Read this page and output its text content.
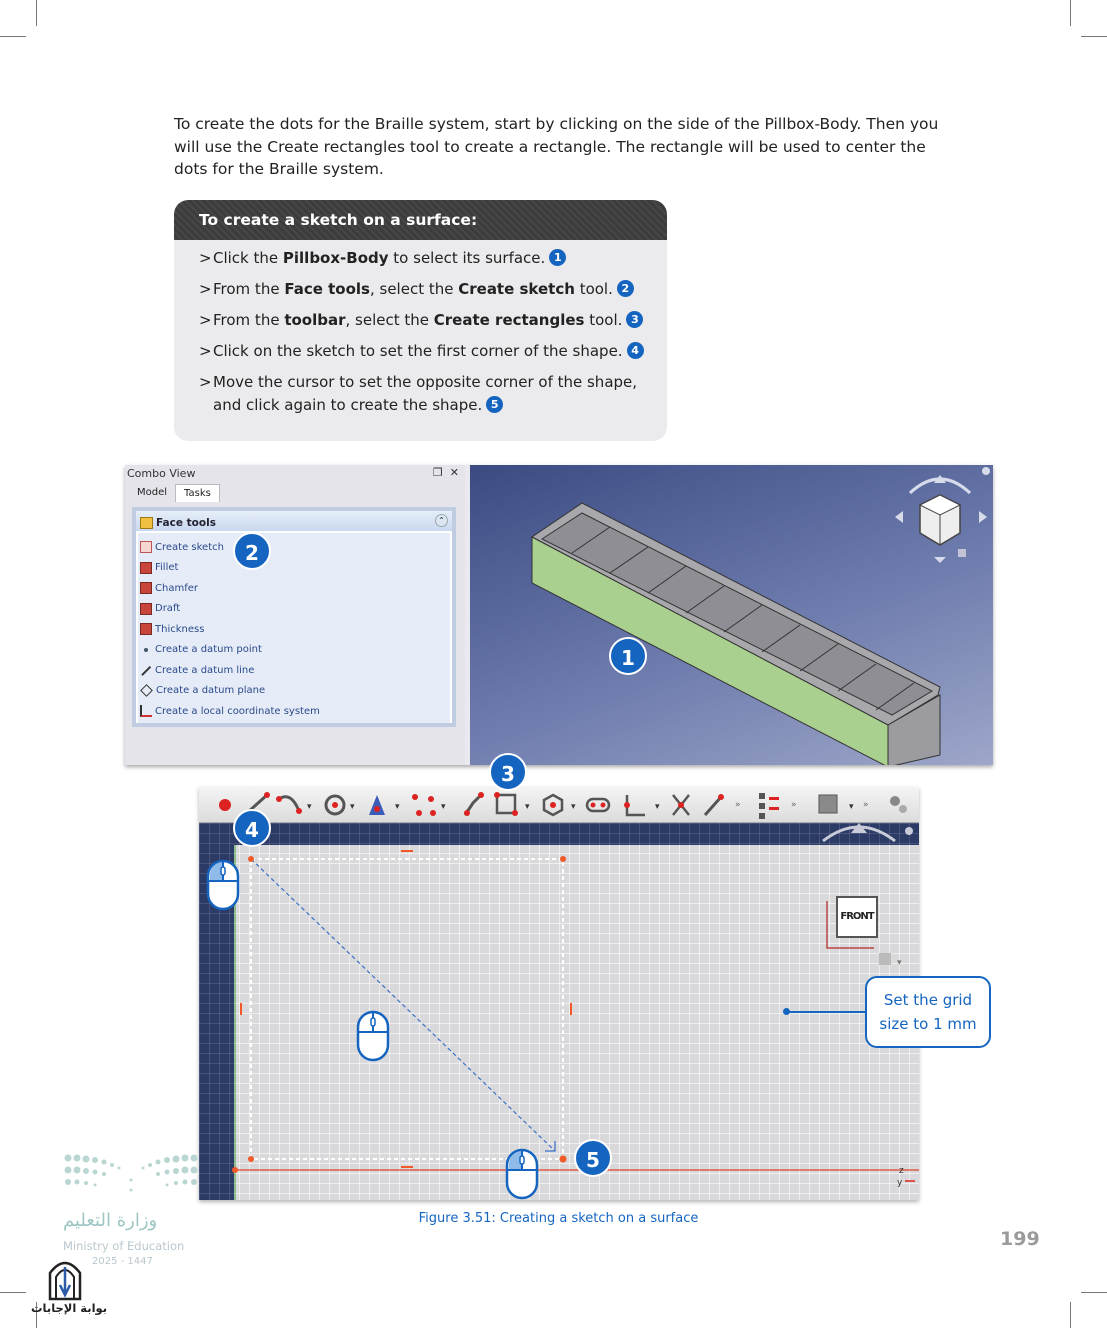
To create the dots for the Braille system, start by clicking on the side of the Pillbox-Body. Then you will use the Create rectangles tool to create a rectangle. The rectangle will be used to center the dots for the Braille system.

To create a sketch on a surface:
> Click the Pillbox-Body to select its surface. 1
> From the Face tools, select the Create sketch tool. 2
> From the toolbar, select the Create rectangles tool. 3
> Click on the sketch to set the first corner of the shape. 4
> Move the cursor to set the opposite corner of the shape, and click again to create the shape. 5
Combo View	❐ ✕
Model	Tasks
Face tools	⌃
Create sketch
Fillet
Chamfer
Draft
Thickness
Create a datum point
Create a datum line
Create a datum plane
Create a local coordinate system
2
1
▾	▾	▾	▾	▾	▾	▾	»	»	▾ »
▾
z
y
FRONT
3
4
5
Set the grid
size to 1 mm
Figure 3.51: Creating a sketch on a surface
199
وزارة التعليم
Ministry of Education
2025 - 1447
بوابة الإجابات
